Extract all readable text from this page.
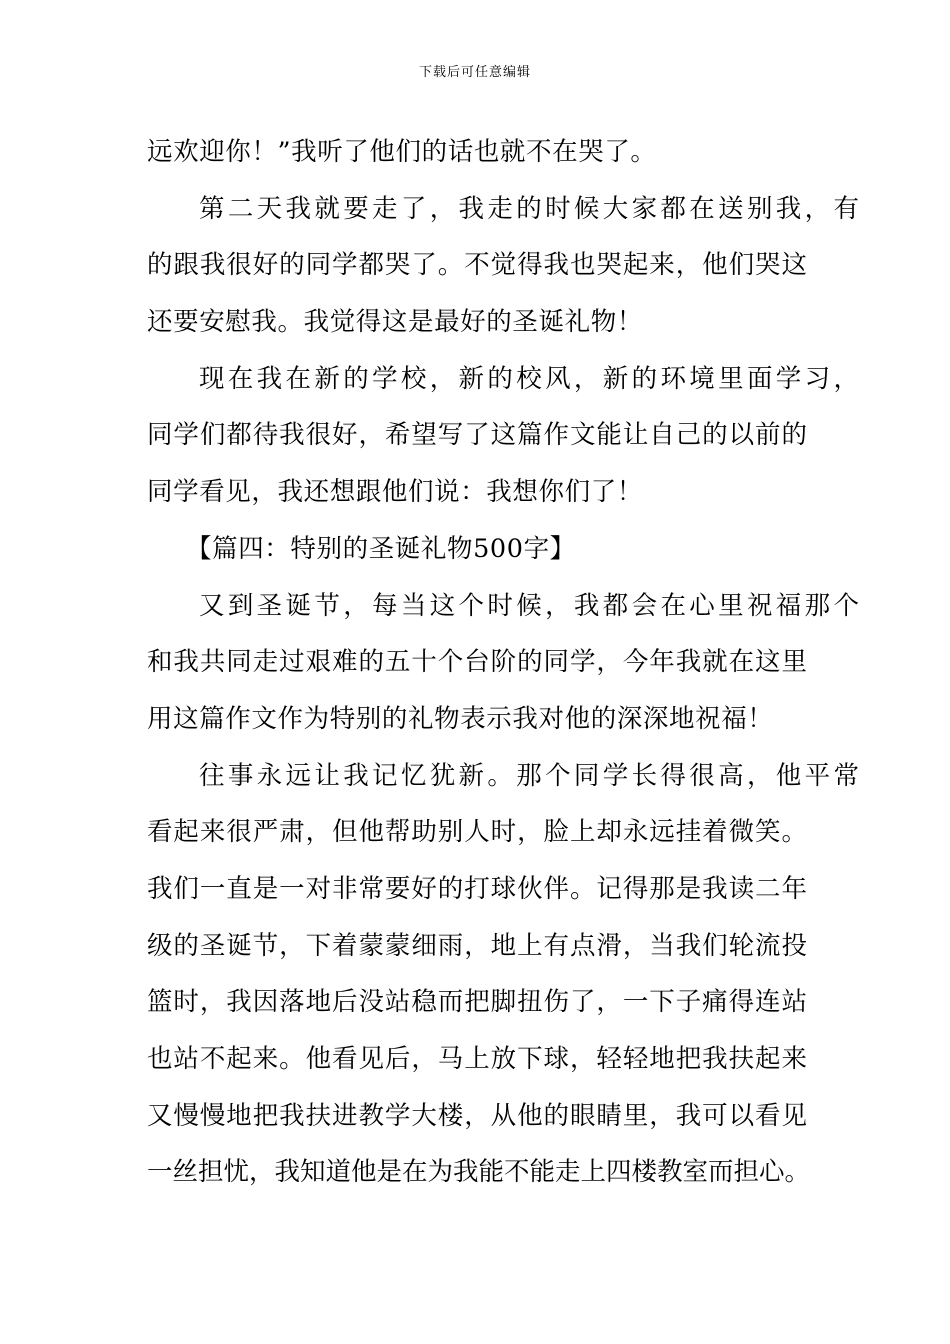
下载后可任意编辑
远欢迎你！”我听了他们的话也就不在哭了。
第二天我就要走了，我走的时候大家都在送别我，有
的跟我很好的同学都哭了。不觉得我也哭起来，他们哭这
还要安慰我。我觉得这是最好的圣诞礼物！
现在我在新的学校，新的校风，新的环境里面学习，
同学们都待我很好，希望写了这篇作文能让自己的以前的
同学看见，我还想跟他们说：我想你们了！
【篇四：特别的圣诞礼物500字】
又到圣诞节，每当这个时候，我都会在心里祝福那个
和我共同走过艰难的五十个台阶的同学，今年我就在这里
用这篇作文作为特别的礼物表示我对他的深深地祝福！
往事永远让我记忆犹新。那个同学长得很高，他平常
看起来很严肃，但他帮助别人时，脸上却永远挂着微笑。
我们一直是一对非常要好的打球伙伴。记得那是我读二年
级的圣诞节，下着蒙蒙细雨，地上有点滑，当我们轮流投
篮时，我因落地后没站稳而把脚扭伤了，一下子痛得连站
也站不起来。他看见后，马上放下球，轻轻地把我扶起来
又慢慢地把我扶进教学大楼，从他的眼睛里，我可以看见
一丝担忧，我知道他是在为我能不能走上四楼教室而担心。
